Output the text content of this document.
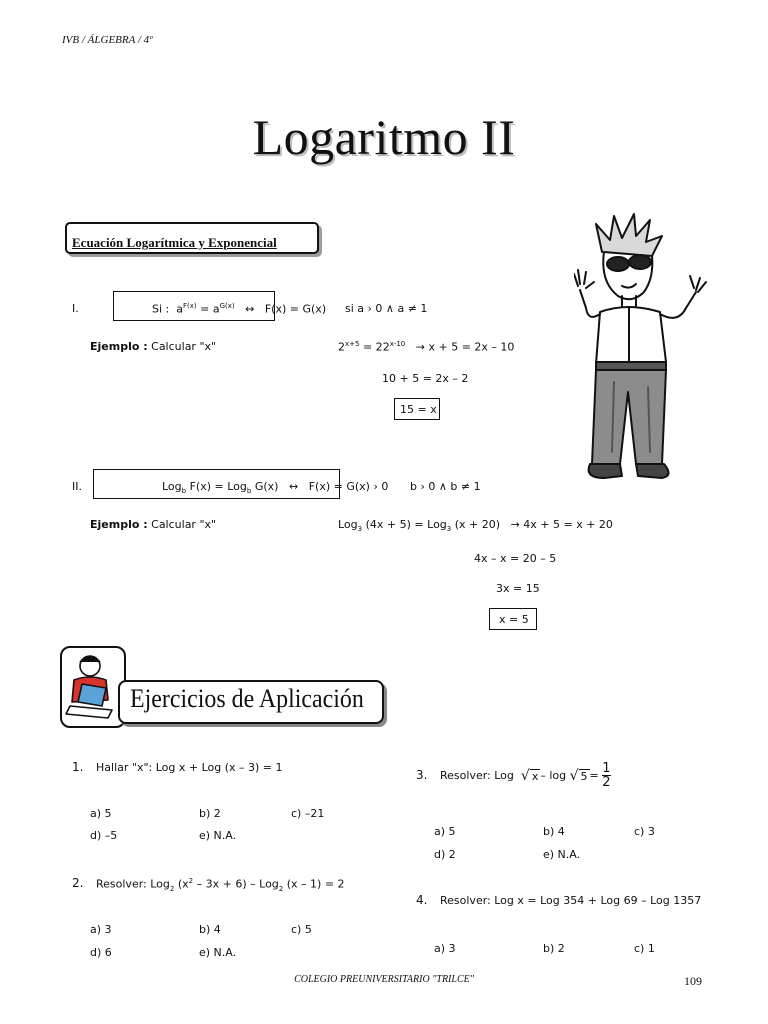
IVB / ÁLGEBRA / 4º
Logaritmo II
Ecuación Logarítmica y Exponencial
I.	Si : $a^{F(x)} = a^{G(x)}$ ↔ F(x) = G(x) si a › 0 ∧ a ≠ 1
Ejemplo : Calcular "x"	$2^{x+5} = 22^{x-10} \to x + 5 = 2x - 10$
10 + 5 = 2x – 2
15 = x
II.	Log$_b$ F(x) = Log$_b$ G(x) ↔ F(x) = G(x) › 0 b › 0 ∧ b ≠ 1
Ejemplo : Calcular "x"	Log$_3$ (4x + 5) = Log$_3$ (x + 20) → 4x + 5 = x + 20
4x – x = 20 – 5
3x = 15
x = 5
Ejercicios de Aplicación
1. Hallar "x": Log x + Log (x – 3) = 1
a) 5	b) 2	c) –21
d) –5	e) N.A.
2. Resolver: Log$_2$ $(x^2 - 3x + 6) - Log_2$ (x – 1) = 2
a) 3	b) 4	c) 5
d) 6	e) N.A.
3. Resolver: Log
√ x – log
√ 5 =
$\frac{1}{2}$
a) 5	b) 4	c) 3
d) 2	e) N.A.
4. Resolver: Log x = Log 354 + Log 69 – Log 1357
a) 3	b) 2	c) 1
COLEGIO PREUNIVERSITARIO "TRILCE"	109
